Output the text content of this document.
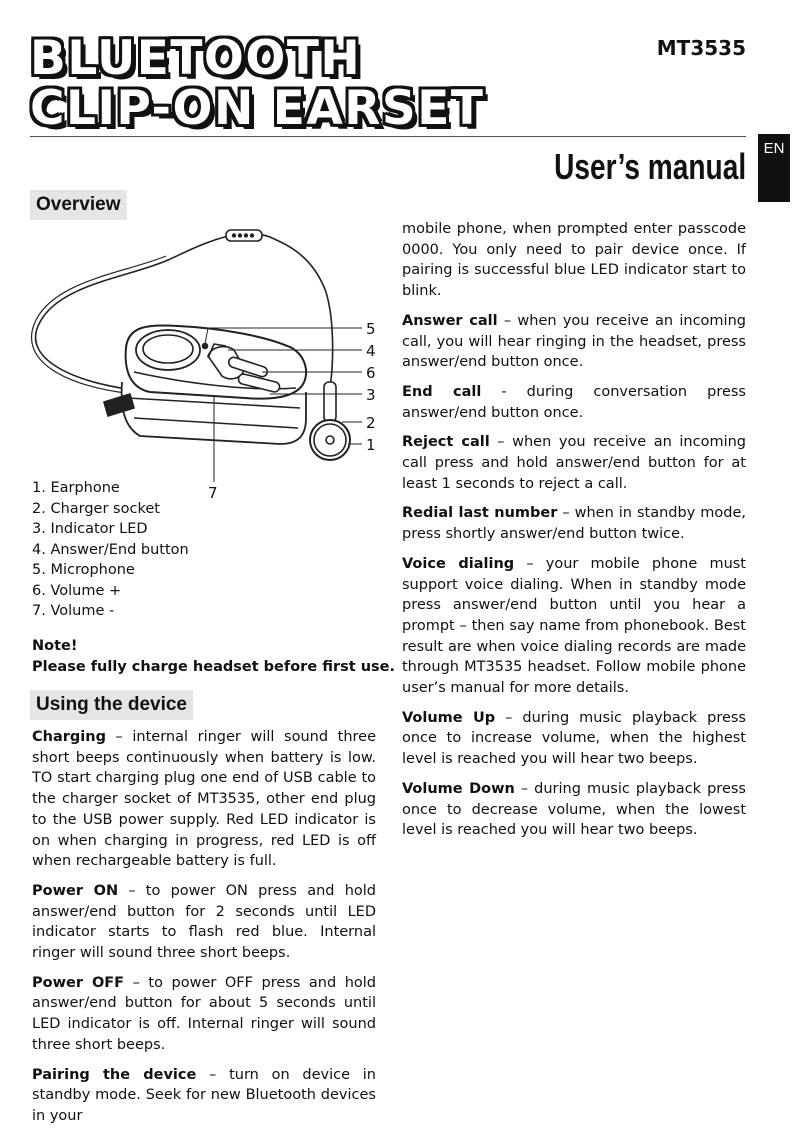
BLUETOOTH
CLIP-ON EARSET
MT3535
EN
User’s manual
Overview
5
4
6
3
2
1
7
1. Earphone
2. Charger socket
3. Indicator LED
4. Answer/End button
5. Microphone
6. Volume +
7. Volume -
Note!
Please fully charge headset before first use.
Using the device

Charging – internal ringer will sound three short beeps continuously when battery is low. TO start charging plug one end of USB cable to the charger socket of MT3535, other end plug to the USB power supply. Red LED indicator is on when charging in progress, red LED is off when rechargeable battery is full.

Power ON – to power ON press and hold answer/end button for 2 seconds until LED indicator starts to flash red blue. Internal ringer will sound three short beeps.

Power OFF – to power OFF press and hold answer/end button for about 5 seconds until LED indicator is off. Internal ringer will sound three short beeps.

Pairing the device – turn on device in standby mode. Seek for new Bluetooth devices in your

mobile phone, when prompted enter passcode 0000. You only need to pair device once. If pairing is successful blue LED indicator start to blink.

Answer call – when you receive an incoming call, you will hear ringing in the headset, press answer/end button once.

End call - during conversation press answer/end button once.

Reject call – when you receive an incoming call press and hold answer/end button for at least 1 seconds to reject a call.

Redial last number – when in standby mode, press shortly answer/end button twice.

Voice dialing – your mobile phone must support voice dialing. When in standby mode press answer/end button until you hear a prompt – then say name from phonebook. Best result are when voice dialing records are made through MT3535 headset. Follow mobile phone user’s manual for more details.

Volume Up – during music playback press once to increase volume, when the highest level is reached you will hear two beeps.

Volume Down – during music playback press once to decrease volume, when the lowest level is reached you will hear two beeps.
